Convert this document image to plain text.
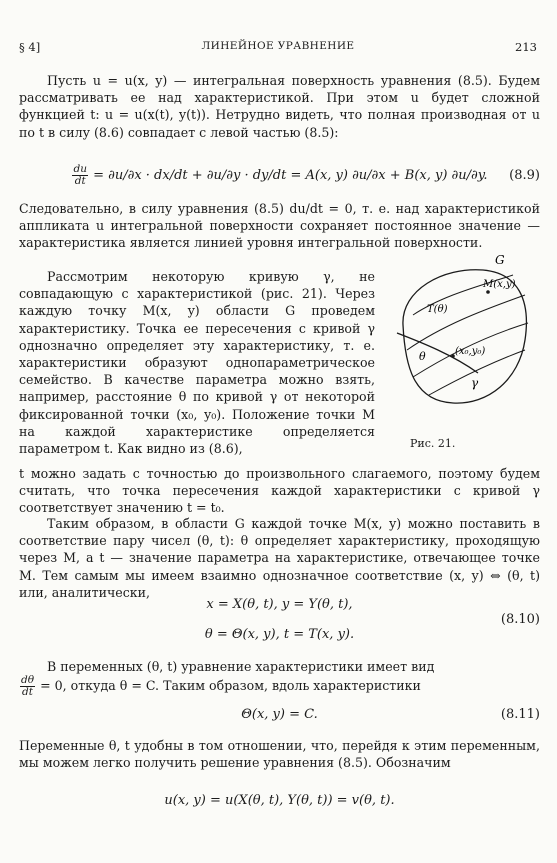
§ 4]	ЛИНЕЙНОЕ УРАВНЕНИЕ	213

Пусть u = u(x, y) — интегральная поверхность уравнения (8.5). Будем рассматривать ее над характеристикой. При этом u будет сложной функцией t: u = u(x(t), y(t)). Нетрудно видеть, что полная производная от u по t в силу (8.6) совпадает с левой частью (8.5):

$\frac{du}{dt} = \partial u/\partial x \cdot dx/dt + \partial u/\partial y \cdot dy/dt = A(x$, y) ∂u/∂x + B(x, y) ∂u/∂y.	(8.9)

Следовательно, в силу уравнения (8.5) du/dt = 0, т. е. над характеристикой аппликата u интегральной поверхности сохраняет постоянное значение — характеристика является линией уровня интегральной поверхности.

Рассмотрим некоторую кривую γ, не совпадающую с характеристикой (рис. 21). Через каждую точку M(x, y) области G проведем характеристику. Точка ее пересечения с кривой γ однозначно определяет эту характеристику, т. е. характеристики образуют однопараметрическое семейство. В качестве параметра можно взять, например, расстояние θ по кривой γ от некоторой фиксированной точки (x₀, y₀). Положение точки M на каждой характеристике определяется параметром t. Как видно из (8.6),

t можно задать с точностью до произвольного слагаемого, поэтому будем считать, что точка пересечения каждой характеристики с кривой γ соответствует значению t = t₀.

Таким образом, в области G каждой точке M(x, y) можно поставить в соответствие пару чисел (θ, t): θ определяет характеристику, проходящую через M, а t — значение параметра на характеристике, отвечающее точке M. Тем самым мы имеем взаимно однозначное соответствие (x, y) ⇔ (θ, t) или, аналитически,

x = X(θ, t), y = Y(θ, t),
θ = Θ(x, y), t = T(x, y).
(8.10)

В переменных (θ, t) уравнение характеристики имеет вид

$\frac{d\theta}{dt} = 0$, откуда θ = C. Таким образом, вдоль характеристики
Θ(x, y) = C.	(8.11)

Переменные θ, t удобны в том отношении, что, перейдя к этим переменным, мы можем легко получить решение уравнения (8.5). Обозначим

u(x, y) = u(X(θ, t), Y(θ, t)) = v(θ, t).
G
M(x,y)
T(θ)
θ	(x₀,y₀)
γ
Рис. 21.
